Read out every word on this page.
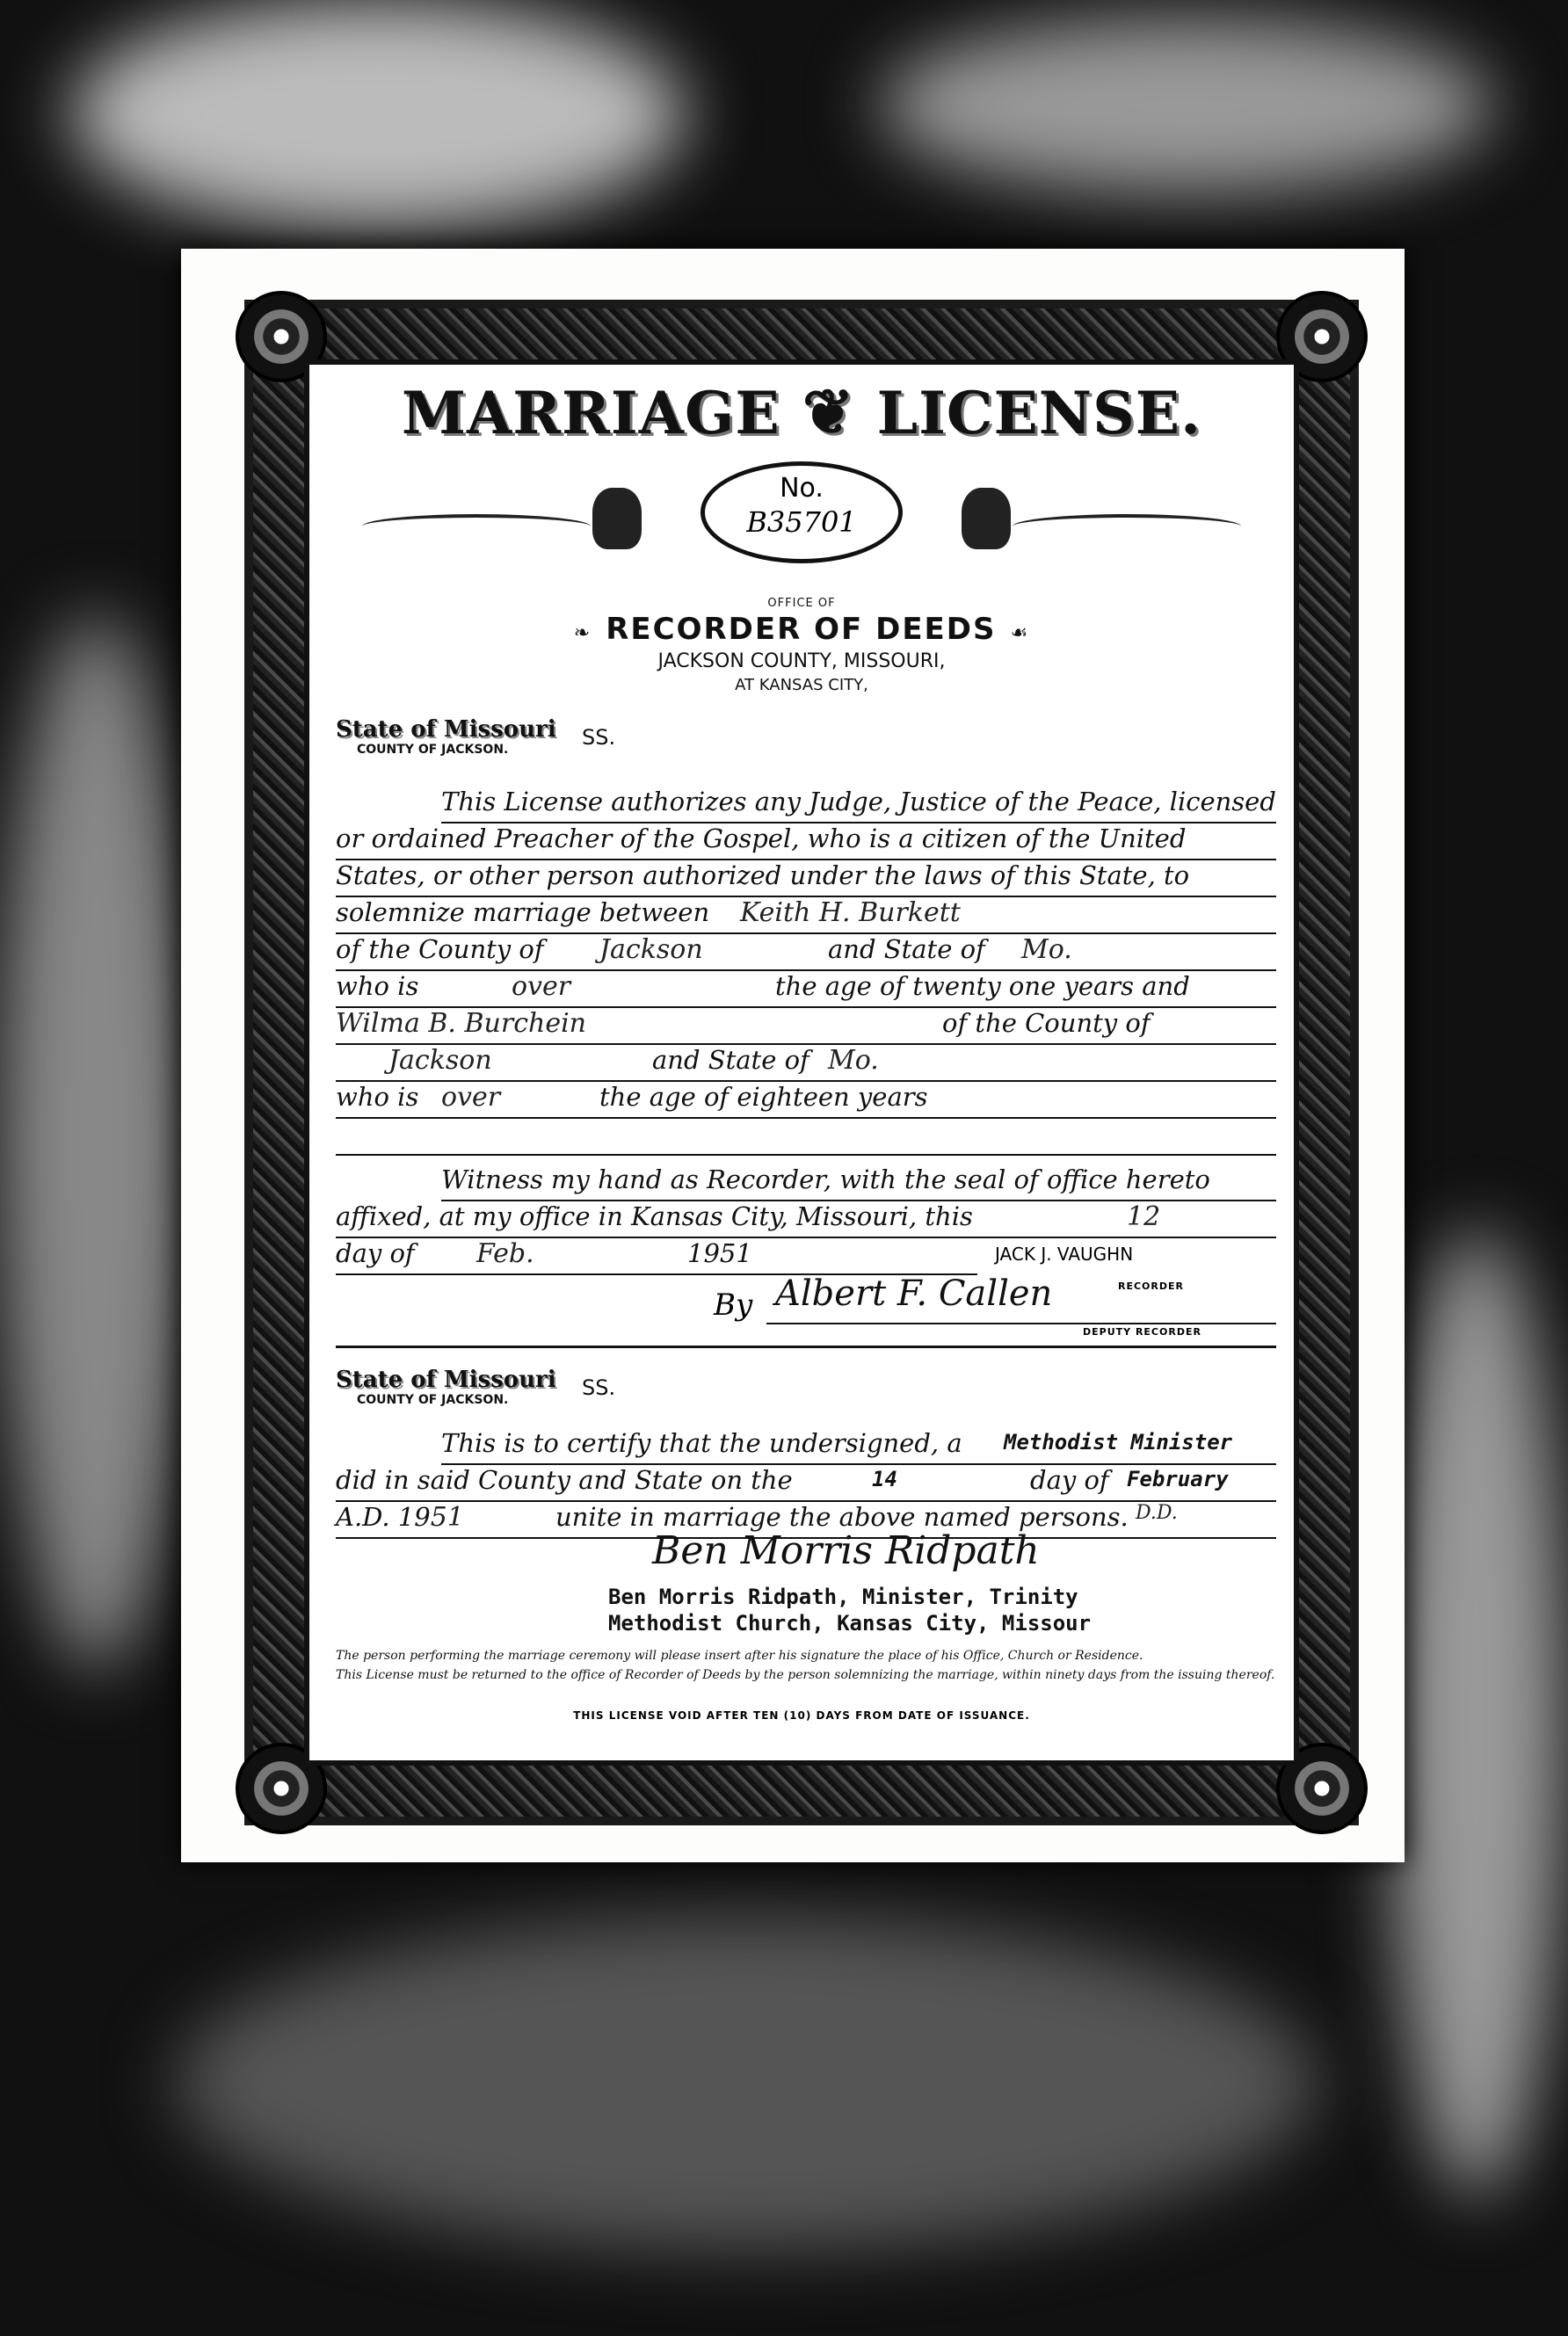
MARRIAGE ❦ LICENSE.
No.
B35701
OFFICE OF
❧ RECORDER OF DEEDS ☙
JACKSON COUNTY, MISSOURI,
AT KANSAS CITY,
State of Missouri
COUNTY OF JACKSON.	SS.
This License authorizes any Judge, Justice of the Peace, licensed
or ordained Preacher of the Gospel, who is a citizen of the United
States, or other person authorized under the laws of this State, to
solemnize marriage between Keith H. Burkett
of the County of Jackson	and State of Mo.
who is	over	the age of twenty one years and
Wilma B. Burchein	of the County of
Jackson	and State of Mo.
who is over	the age of eighteen years
Witness my hand as Recorder, with the seal of office hereto
affixed, at my office in Kansas City, Missouri, this	12
day of Feb.	1951	JACK J. VAUGHN
By Albert F. Callen	RECORDER
DEPUTY RECORDER
State of Missouri
COUNTY OF JACKSON.	SS.
This is to certify that the undersigned, a Methodist Minister
did in said County and State on the	14	day of February
A.D. 1951	unite in marriage the above named persons. D.D.
Ben Morris Ridpath
Ben Morris Ridpath, Minister, Trinity
Methodist Church, Kansas City, Missour
The person performing the marriage ceremony will please insert after his signature the place of his Office, Church or Residence.
This License must be returned to the office of Recorder of Deeds by the person solemnizing the marriage, within ninety days from the issuing thereof.
THIS LICENSE VOID AFTER TEN (10) DAYS FROM DATE OF ISSUANCE.
